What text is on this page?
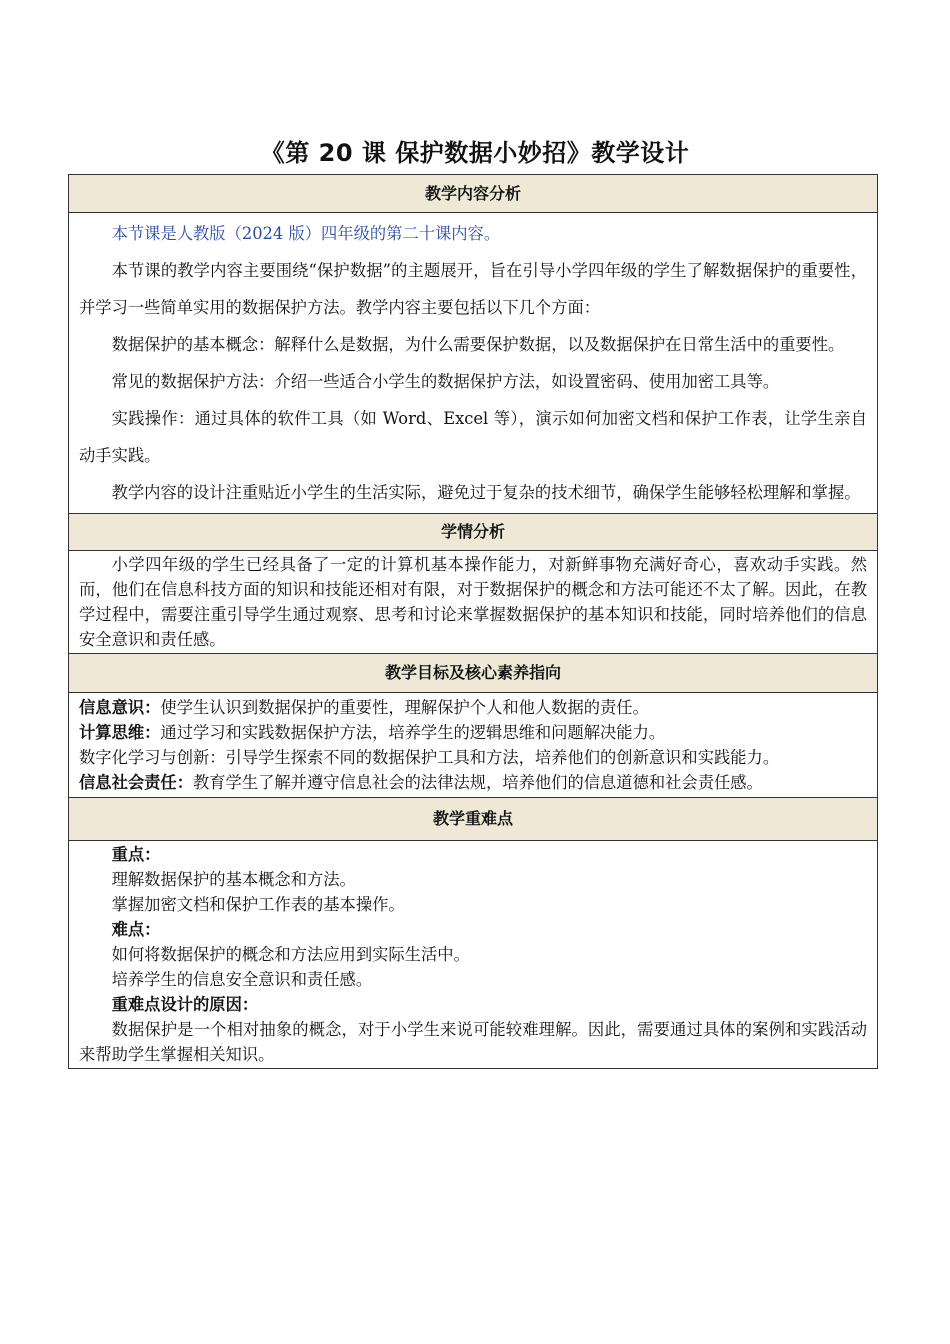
《第 20 课 保护数据小妙招》教学设计
教学内容分析

本节课是人教版（2024 版）四年级的第二十课内容。

本节课的教学内容主要围绕“保护数据”的主题展开，旨在引导小学四年级的学生了解数据保护的重要性，并学习一些简单实用的数据保护方法。教学内容主要包括以下几个方面：

数据保护的基本概念：解释什么是数据，为什么需要保护数据，以及数据保护在日常生活中的重要性。

常见的数据保护方法：介绍一些适合小学生的数据保护方法，如设置密码、使用加密工具等。

实践操作：通过具体的软件工具（如 Word、Excel 等），演示如何加密文档和保护工作表，让学生亲自动手实践。

教学内容的设计注重贴近小学生的生活实际，避免过于复杂的技术细节，确保学生能够轻松理解和掌握。

学情分析

小学四年级的学生已经具备了一定的计算机基本操作能力，对新鲜事物充满好奇心，喜欢动手实践。然而，他们在信息科技方面的知识和技能还相对有限，对于数据保护的概念和方法可能还不太了解。因此，在教学过程中，需要注重引导学生通过观察、思考和讨论来掌握数据保护的基本知识和技能，同时培养他们的信息安全意识和责任感。

教学目标及核心素养指向

信息意识：使学生认识到数据保护的重要性，理解保护个人和他人数据的责任。

计算思维：通过学习和实践数据保护方法，培养学生的逻辑思维和问题解决能力。

数字化学习与创新：引导学生探索不同的数据保护工具和方法，培养他们的创新意识和实践能力。

信息社会责任：教育学生了解并遵守信息社会的法律法规，培养他们的信息道德和社会责任感。

教学重难点

重点：

理解数据保护的基本概念和方法。

掌握加密文档和保护工作表的基本操作。

难点：

如何将数据保护的概念和方法应用到实际生活中。

培养学生的信息安全意识和责任感。

重难点设计的原因：

数据保护是一个相对抽象的概念，对于小学生来说可能较难理解。因此，需要通过具体的案例和实践活动来帮助学生掌握相关知识。
